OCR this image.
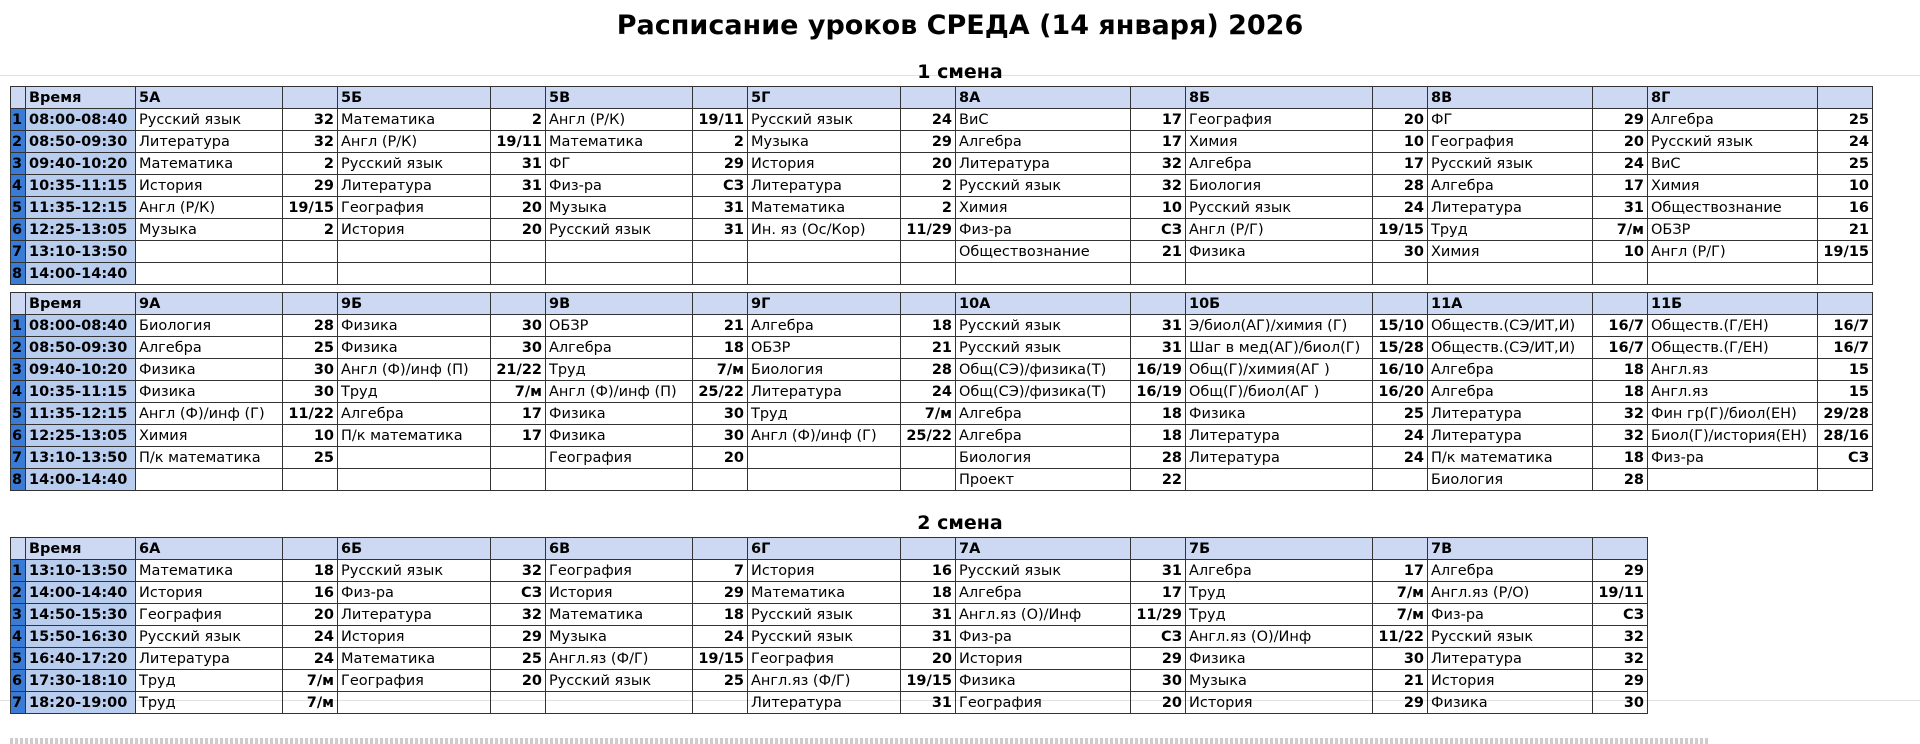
Расписание уроков СРЕДА (14 января) 2026
1 смена
	Время	5А		5Б		5В		5Г		8А		8Б		8В		8Г	
1	08:00-08:40	Русский язык	32	Математика	2	Англ (Р/К)	19/11	Русский язык	24	ВиС	17	География	20	ФГ	29	Алгебра	25
2	08:50-09:30	Литература	32	Англ (Р/К)	19/11	Математика	2	Музыка	29	Алгебра	17	Химия	10	География	20	Русский язык	24
3	09:40-10:20	Математика	2	Русский язык	31	ФГ	29	История	20	Литература	32	Алгебра	17	Русский язык	24	ВиС	25
4	10:35-11:15	История	29	Литература	31	Физ-ра	СЗ	Литература	2	Русский язык	32	Биология	28	Алгебра	17	Химия	10
5	11:35-12:15	Англ (Р/К)	19/15	География	20	Музыка	31	Математика	2	Химия	10	Русский язык	24	Литература	31	Обществознание	16
6	12:25-13:05	Музыка	2	История	20	Русский язык	31	Ин. яз (Ос/Кор)	11/29	Физ-ра	СЗ	Англ (Р/Г)	19/15	Труд	7/м	ОБЗР	21
7	13:10-13:50									Обществознание	21	Физика	30	Химия	10	Англ (Р/Г)	19/15
8	14:00-14:40																
	Время	9А		9Б		9В		9Г		10А		10Б		11А		11Б	
1	08:00-08:40	Биология	28	Физика	30	ОБЗР	21	Алгебра	18	Русский язык	31	Э/биол(АГ)/химия (Г)	15/10	Обществ.(СЭ/ИТ,И)	16/7	Обществ.(Г/ЕН)	16/7
2	08:50-09:30	Алгебра	25	Физика	30	Алгебра	18	ОБЗР	21	Русский язык	31	Шаг в мед(АГ)/биол(Г)	15/28	Обществ.(СЭ/ИТ,И)	16/7	Обществ.(Г/ЕН)	16/7
3	09:40-10:20	Физика	30	Англ (Ф)/инф (П)	21/22	Труд	7/м	Биология	28	Общ(СЭ)/физика(Т)	16/19	Общ(Г)/химия(АГ )	16/10	Алгебра	18	Англ.яз	15
4	10:35-11:15	Физика	30	Труд	7/м	Англ (Ф)/инф (П)	25/22	Литература	24	Общ(СЭ)/физика(Т)	16/19	Общ(Г)/биол(АГ )	16/20	Алгебра	18	Англ.яз	15
5	11:35-12:15	Англ (Ф)/инф (Г)	11/22	Алгебра	17	Физика	30	Труд	7/м	Алгебра	18	Физика	25	Литература	32	Фин гр(Г)/биол(ЕН)	29/28
6	12:25-13:05	Химия	10	П/к математика	17	Физика	30	Англ (Ф)/инф (Г)	25/22	Алгебра	18	Литература	24	Литература	32	Биол(Г)/история(ЕН)	28/16
7	13:10-13:50	П/к математика	25			География	20			Биология	28	Литература	24	П/к математика	18	Физ-ра	СЗ
8	14:00-14:40									Проект	22			Биология	28		
2 смена
	Время	6А		6Б		6В		6Г		7А		7Б		7В	
1	13:10-13:50	Математика	18	Русский язык	32	География	7	История	16	Русский язык	31	Алгебра	17	Алгебра	29
2	14:00-14:40	История	16	Физ-ра	СЗ	История	29	Математика	18	Алгебра	17	Труд	7/м	Англ.яз (Р/О)	19/11
3	14:50-15:30	География	20	Литература	32	Математика	18	Русский язык	31	Англ.яз (О)/Инф	11/29	Труд	7/м	Физ-ра	СЗ
4	15:50-16:30	Русский язык	24	История	29	Музыка	24	Русский язык	31	Физ-ра	СЗ	Англ.яз (О)/Инф	11/22	Русский язык	32
5	16:40-17:20	Литература	24	Математика	25	Англ.яз (Ф/Г)	19/15	География	20	История	29	Физика	30	Литература	32
6	17:30-18:10	Труд	7/м	География	20	Русский язык	25	Англ.яз (Ф/Г)	19/15	Физика	30	Музыка	21	История	29
7	18:20-19:00	Труд	7/м					Литература	31	География	20	История	29	Физика	30
